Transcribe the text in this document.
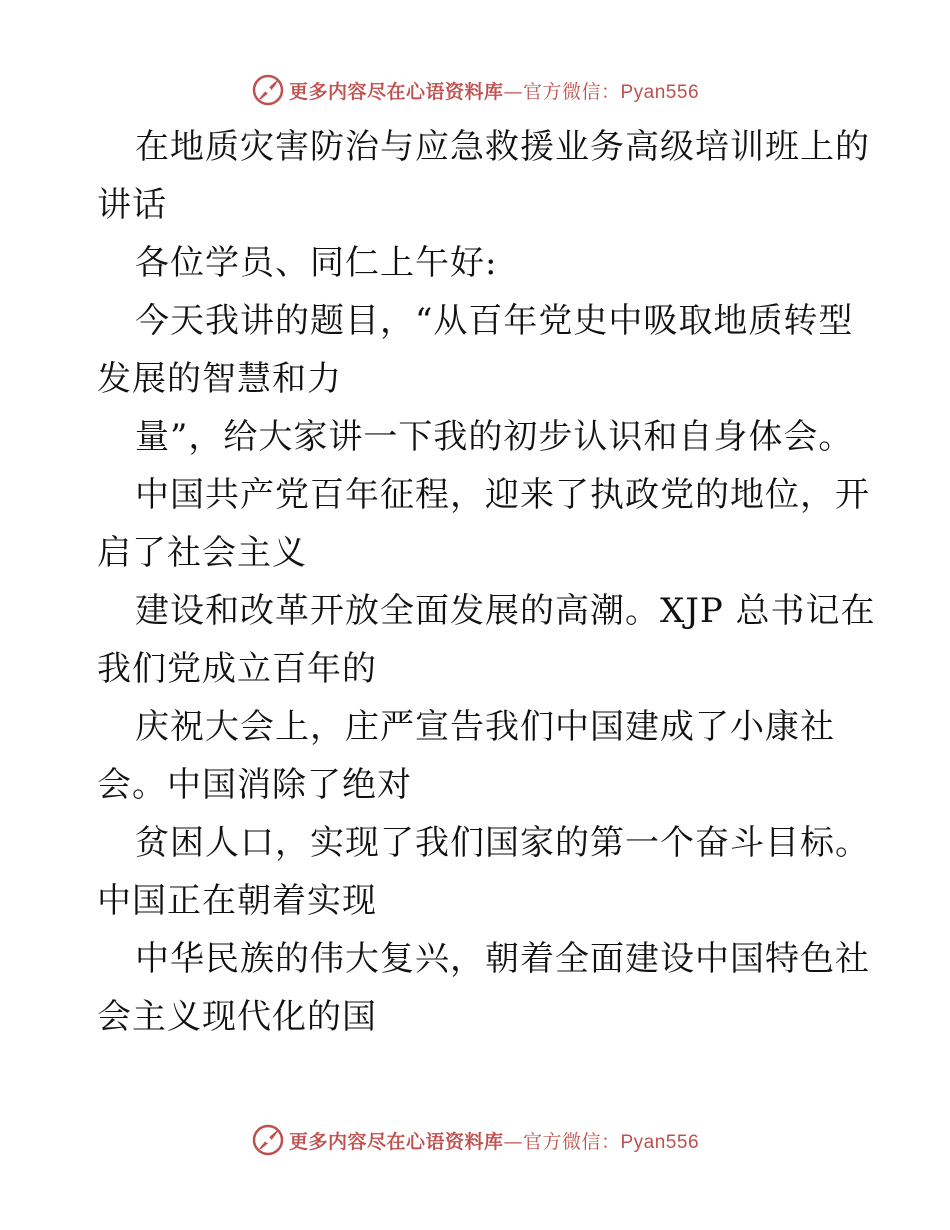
更多内容尽在心语资料库—官方微信：Pyan556
在地质灾害防治与应急救援业务高级培训班上的
讲话
各位学员、同仁上午好:
今天我讲的题目，“从百年党史中吸取地质转型
发展的智慧和力
量”，给大家讲一下我的初步认识和自身体会。
中国共产党百年征程，迎来了执政党的地位，开
启了社会主义
建设和改革开放全面发展的高潮。XJP 总书记在
我们党成立百年的
庆祝大会上，庄严宣告我们中国建成了小康社
会。中国消除了绝对
贫困人口，实现了我们国家的第一个奋斗目标。
中国正在朝着实现
中华民族的伟大复兴，朝着全面建设中国特色社
会主义现代化的国
更多内容尽在心语资料库—官方微信：Pyan556
